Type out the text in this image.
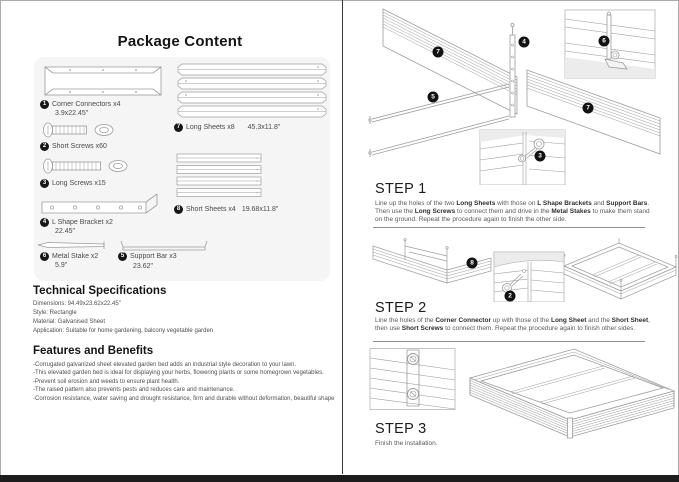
Package Content
1 Corner Connectors x4
3.9x22.45"
2 Short Screws x60
3 Long Screws x15
4 L Shape Bracket x2
22.45"
6 Metal Stake x2
5.9"
5 Support Bar x3
23.62"
7 Long Sheets x8 45.3x11.8"
8 Short Sheets x4 19.68x11.8"
Technical Specifications
Dimensions: 94.49x23.62x22.45"
Style: Rectangle
Material: Galvanised Sheet
Application: Suitable for home gardening, balcony vegetable garden
Features and Benefits
-Corrugated galvanized sheet elevated garden bed adds an industrial style decoration to your lawn.
-This elevated garden bed is ideal for displaying your herbs, flowering plants or some homegrown vegetables.
-Prevent soil erosion and weeds to ensure plant health.
-The raised pattern also prevents pests and reduces care and maintenance.
-Corrosion resistance, water saving and drought resistance, firm and durable without deformation, beautiful shape
7
4	6
5
7
3
STEP 1
Line up the holes of the two Long Sheets with those on L Shape Brackets and Support Bars. Then use the Long Screws to connect them and drive in the Metal Stakes to make them stand on the ground. Repeat the procedure again to finish the other side.
8
2
STEP 2
Line the holes of the Corner Connector up with those of the Long Sheet and the Short Sheet, then use Short Screws to connect them. Repeat the procedure again to finish other sides.
STEP 3
Finish the installation.
